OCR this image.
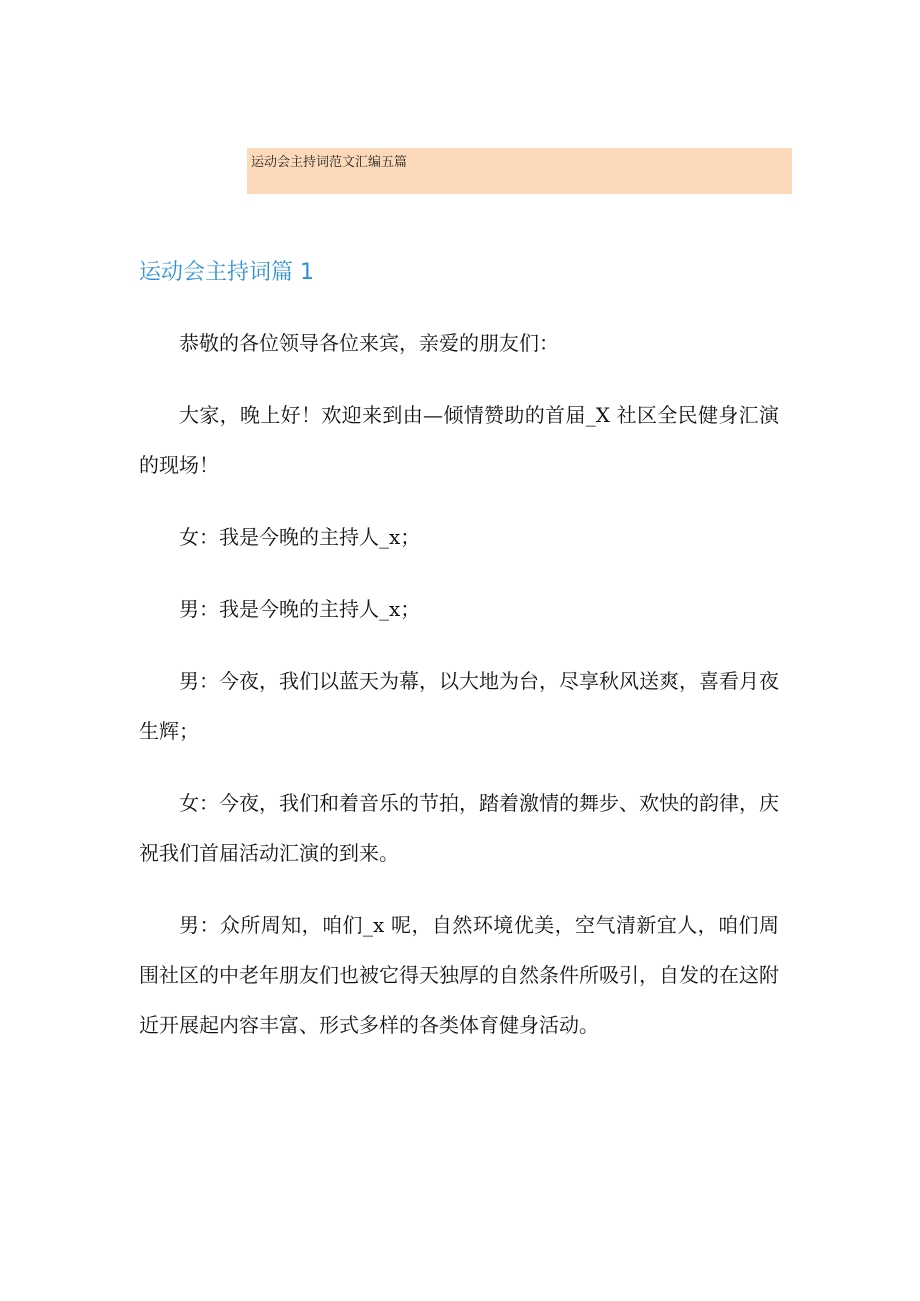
运动会主持词范文汇编五篇
运动会主持词篇 1

恭敬的各位领导各位来宾，亲爱的朋友们：

大家，晚上好！欢迎来到由—倾情赞助的首届_X 社区全民健身汇演的现场！

女：我是今晚的主持人_x；

男：我是今晚的主持人_x；

男：今夜，我们以蓝天为幕，以大地为台，尽享秋风送爽，喜看月夜生辉；

女：今夜，我们和着音乐的节拍，踏着激情的舞步、欢快的韵律，庆祝我们首届活动汇演的到来。

男：众所周知，咱们_x 呢，自然环境优美，空气清新宜人，咱们周围社区的中老年朋友们也被它得天独厚的自然条件所吸引，自发的在这附近开展起内容丰富、形式多样的各类体育健身活动。
